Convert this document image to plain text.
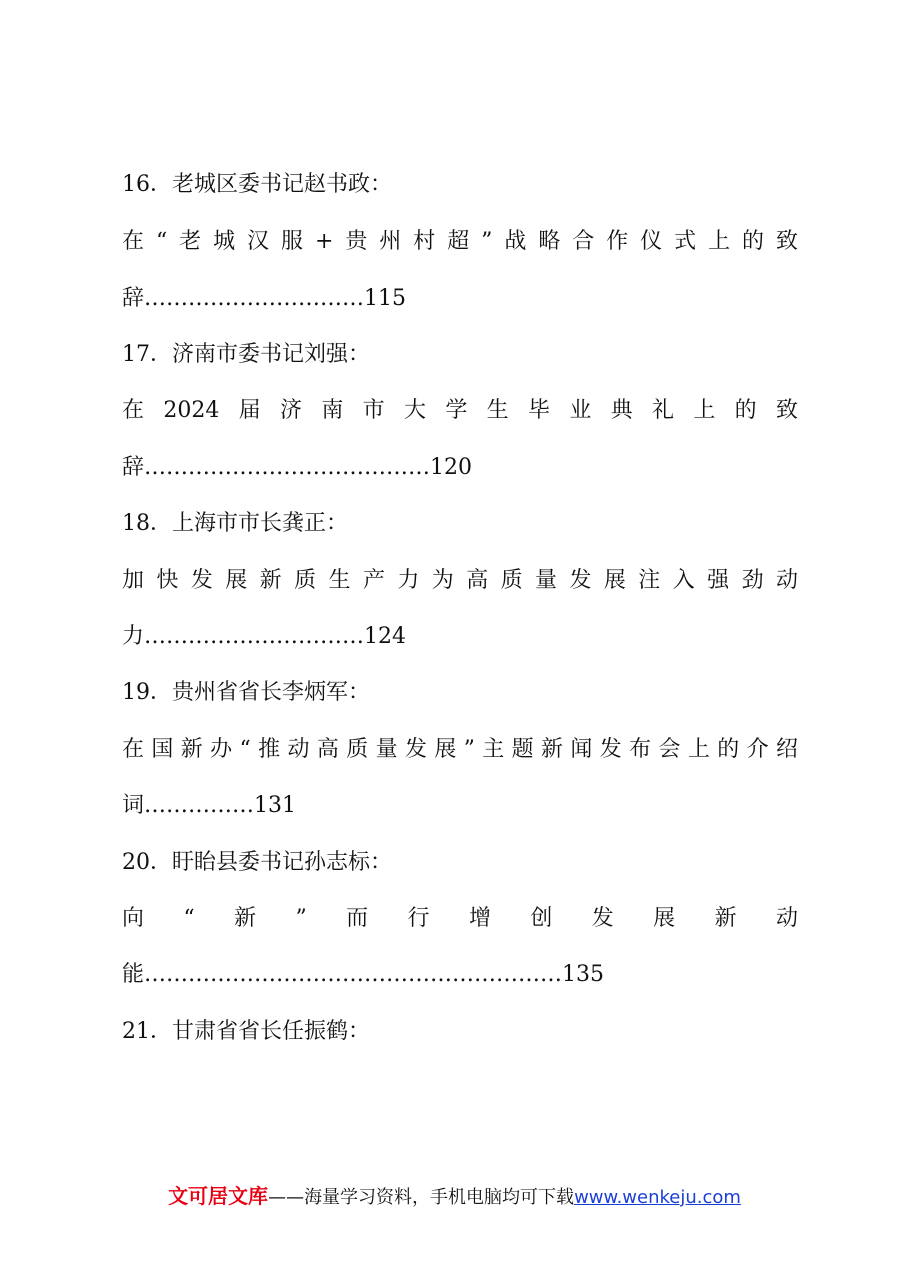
16．老城区委书记赵书政：
在“老城汉服+贵州村超”战略合作仪式上的致
辞…………………………115
17．济南市委书记刘强：
在2024届济南市大学生毕业典礼上的致
辞…………………………………120
18．上海市市长龚正：
加快发展新质生产力为高质量发展注入强劲动
力…………………………124
19．贵州省省长李炳军：
在国新办“推动高质量发展”主题新闻发布会上的介绍
词……………131
20．盱眙县委书记孙志标：
向“新”而行增创发展新动
能…………………………………………………135
21．甘肃省省长任振鹤：
文可居文库——海量学习资料，手机电脑均可下载www.wenkeju.com
